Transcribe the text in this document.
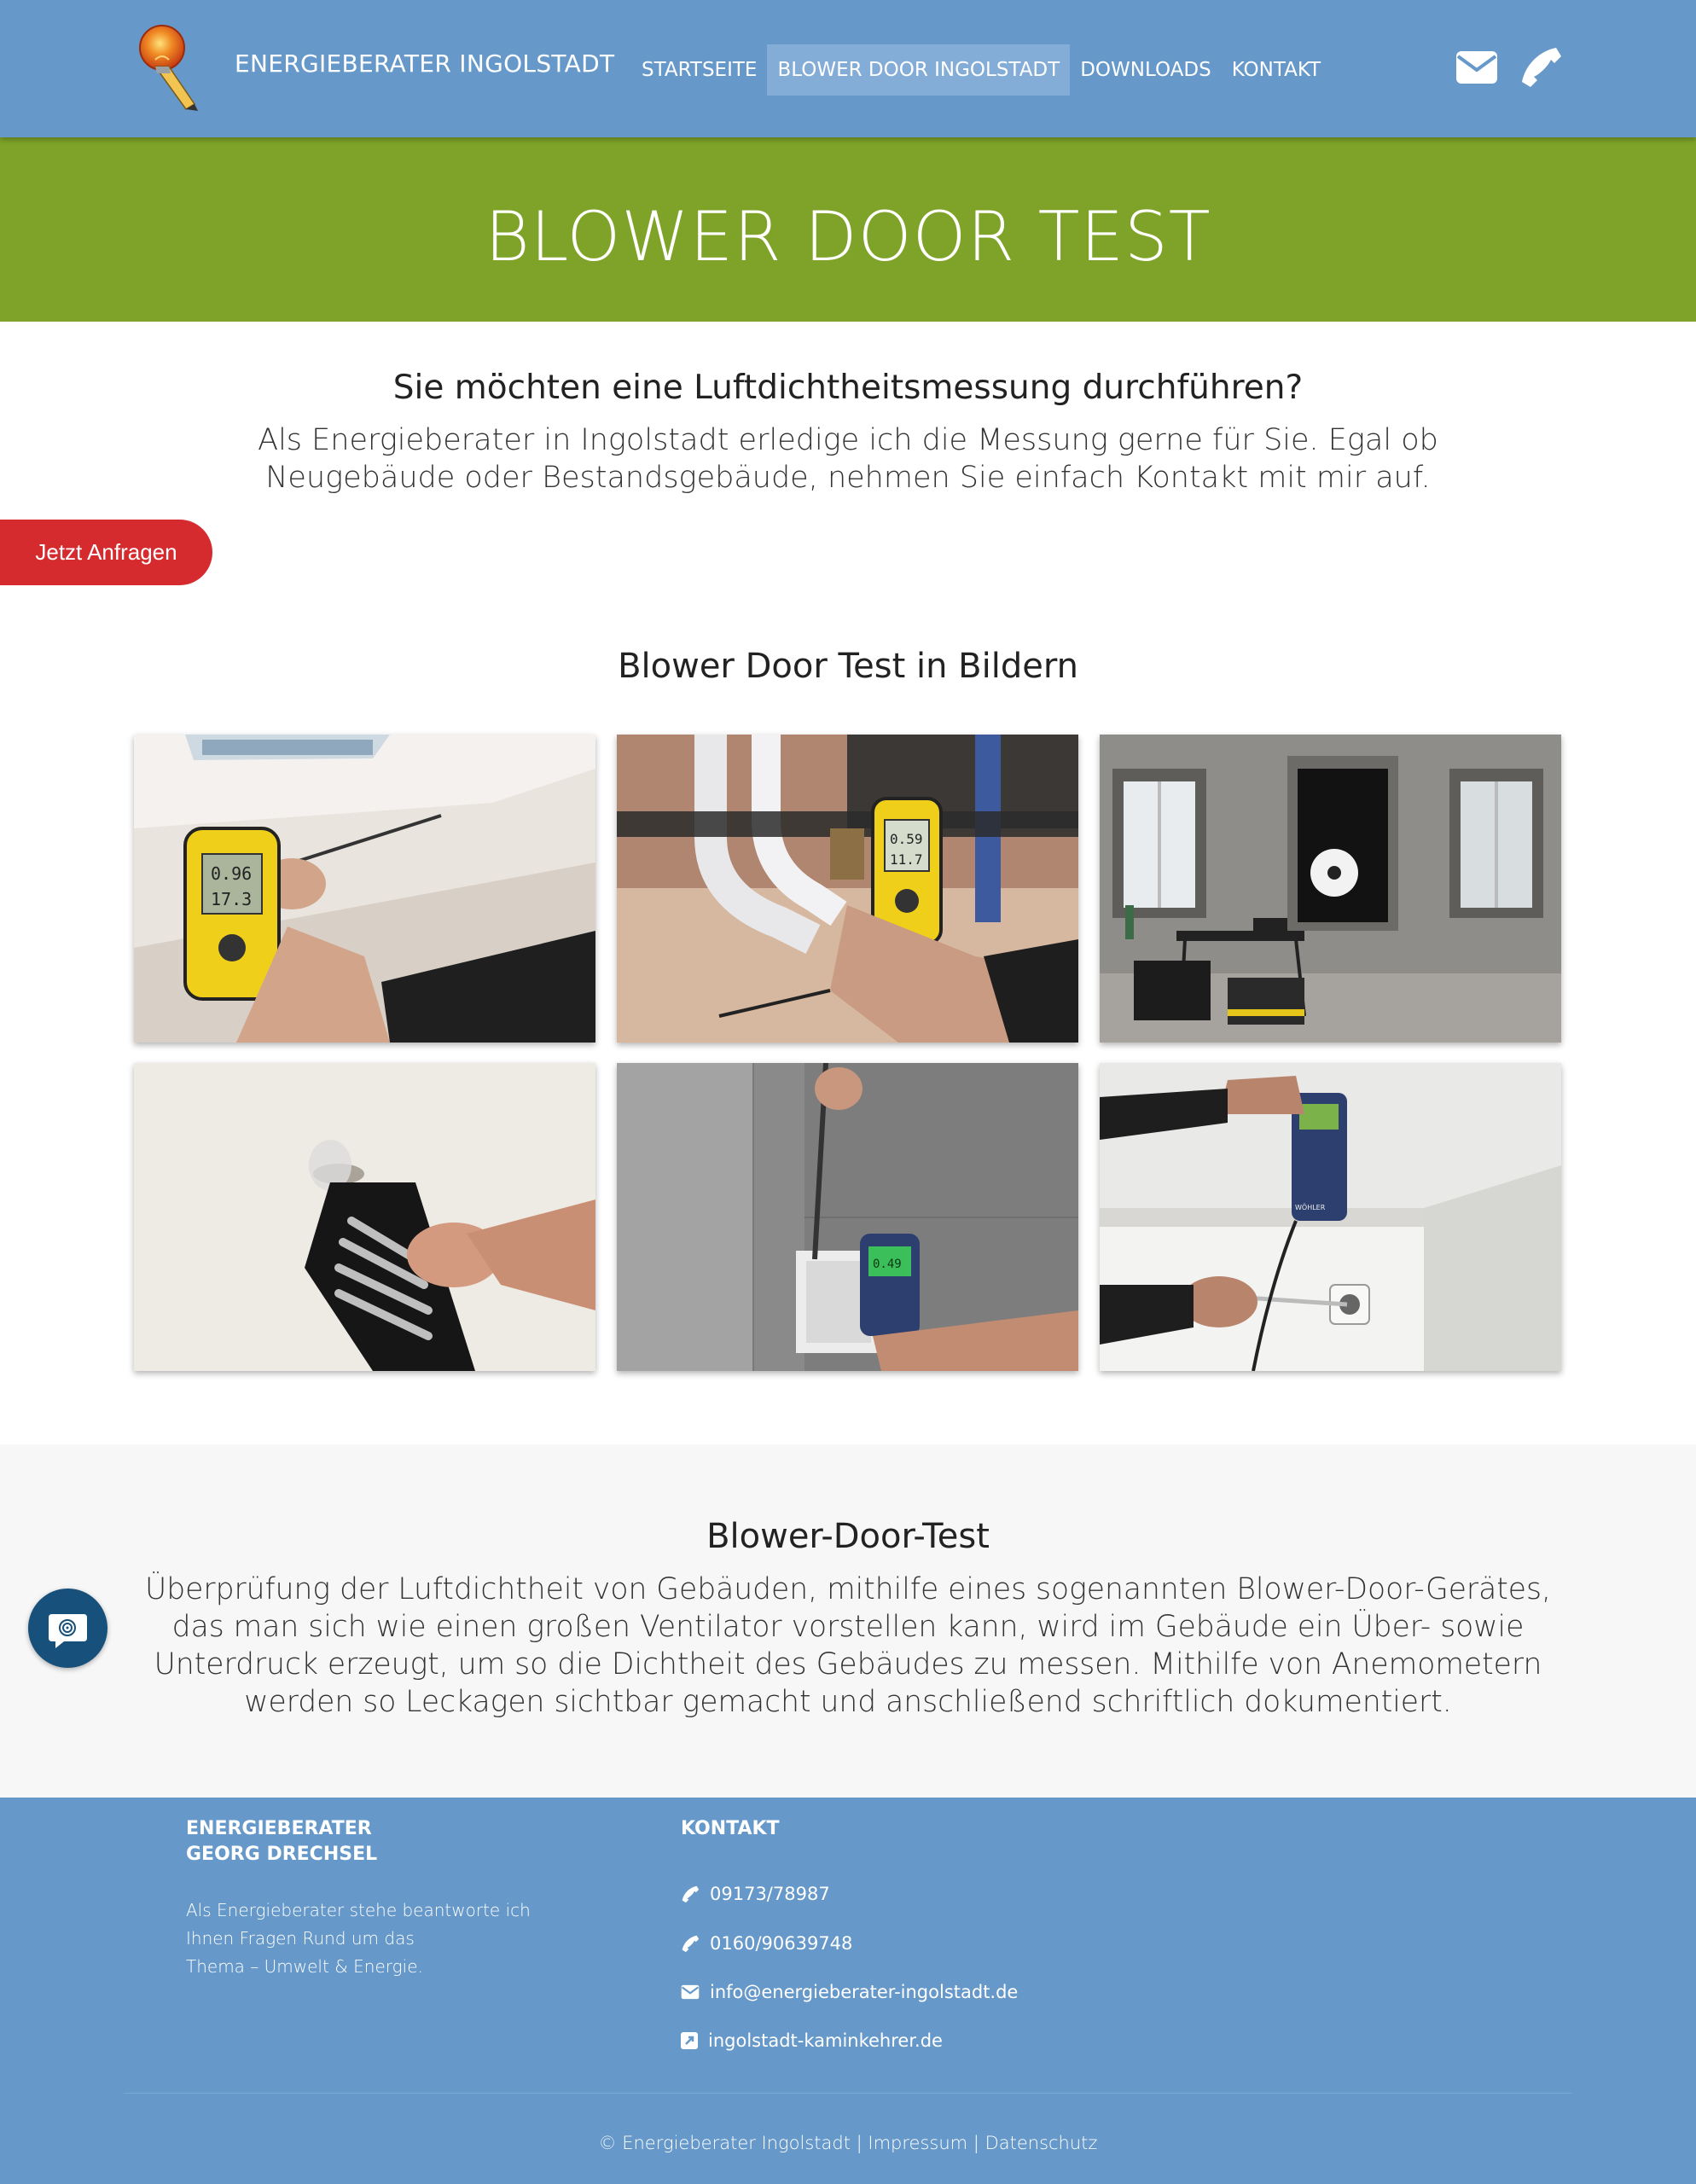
ENERGIEBERATER INGOLSTADT	STARTSEITE	BLOWER DOOR INGOLSTADT	DOWNLOADS	KONTAKT
BLOWER DOOR TEST
Sie möchten eine Luftdichtheitsmessung durchführen?
Als Energieberater in Ingolstadt erledige ich die Messung gerne für Sie. Egal ob Neugebäude oder Bestandsgebäude, nehmen Sie einfach Kontakt mit mir auf.
Jetzt Anfragen
Blower Door Test in Bildern
0.96
17.3
0.59
11.7
0.49
WÖHLER
Blower-Door-Test
Überprüfung der Luftdichtheit von Gebäuden, mithilfe eines sogenannten Blower-Door-Gerätes, das man sich wie einen großen Ventilator vorstellen kann, wird im Gebäude ein Über- sowie Unterdruck erzeugt, um so die Dichtheit des Gebäudes zu messen. Mithilfe von Anemometern werden so Leckagen sichtbar gemacht und anschließend schriftlich dokumentiert.
ENERGIEBERATER
GEORG DRECHSEL
Als Energieberater stehe beantworte ich
Ihnen Fragen Rund um das
Thema – Umwelt & Energie.
KONTAKT
09173/78987
0160/90639748
info@energieberater-ingolstadt.de
ingolstadt-kaminkehrer.de
© Energieberater Ingolstadt | Impressum | Datenschutz
